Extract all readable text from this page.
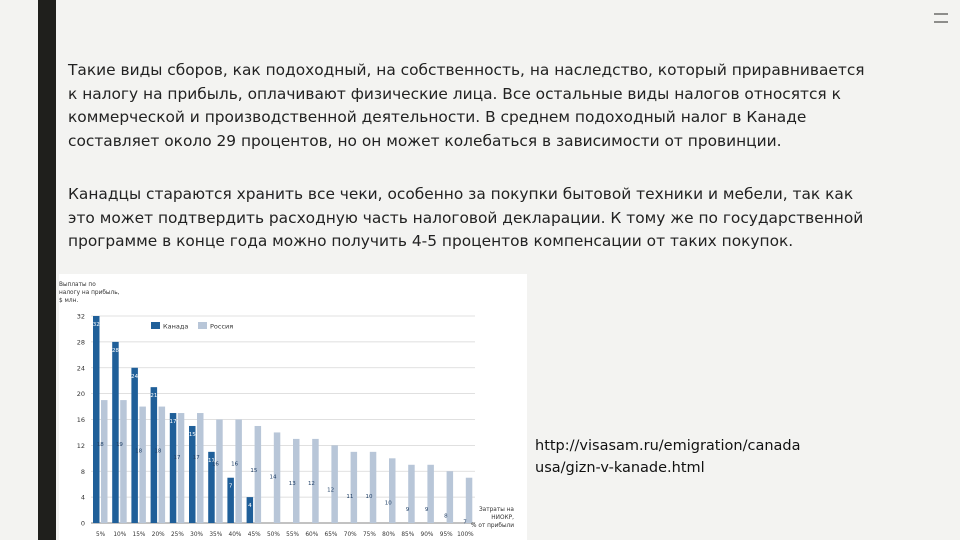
Такие виды сборов, как подоходный, на собственность, на наследство, который приравнивается к налогу на прибыль, оплачивают физические лица. Все остальные виды налогов относятся к коммерческой и производственной деятельности. В среднем подоходный налог в Канаде составляет около 29 процентов, но он может колебаться в зависимости от провинции.

Канадцы стараются хранить все чеки, особенно за покупки бытовой техники и мебели, так как это может подтвердить расходную часть налоговой декларации. К тому же по государственной программе в конце года можно получить 4-5 процентов компенсации от таких покупок.

0
4
8
12
16
20
24
28
32
32
18
28
19
24
18
21
18
17
17
15
17 11
16
7
16
4
15
14
13 12
12
11 10
10
9	9
8
7
5% 10% 15% 20% 25% 30% 35% 40% 45% 50% 55% 60% 65% 70% 75% 80% 85% 90% 95% 100%
Канада	Россия
Выплаты по налогу на прибыль, $ млн.
Затраты на НИОКР, % от прибыли
http://visasam.ru/emigration/canada
usa/gizn-v-kanade.html
